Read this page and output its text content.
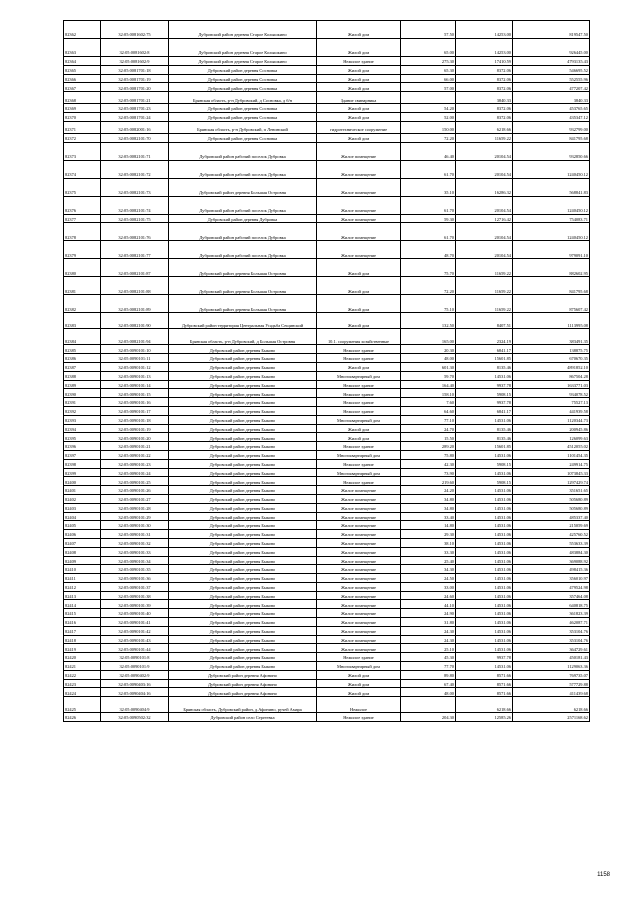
82362	32:05:0081602:75	Дубровский район деревня Старое Колышкино	Жилой дом	57.50	14253.00	819547.50
82363	32:05:0081602:8	Дубровский район деревня Старое Колышкино	Жилой дом	65.00	14253.00	926445.00
82364	32:05:0081602:9	Дубровский район деревня Старое Колышкино	Нежилое здание	275.30	17410.59	4793135.43
82365	32:05:0081701:18	Дубровский район деревня Сосновка	Жилой дом	65.30	8372.06	546695.52
82366	32:05:0081701:19	Дубровский район деревня Сосновка	Жилой дом	66.00	8372.06	552555.96
82367	32:05:0081701:20	Дубровский район деревня Сосновка	Жилой дом	57.00	8372.06	477207.42
82368	32:05:0081701:21	Брянская область, р-н Дубровский, д Сосновка, д б/н	Здание свинарника		3840.33	3840.33
82369	32:05:0081701:23	Дубровский район деревня Сосновка	Жилой дом	54.20	8372.06	453765.65
82370	32:05:0081701:24	Дубровский район деревня Сосновка	Жилой дом	52.00	8372.06	435347.12
82371	32:05:0082001:16	Брянская область, р-н Дубровский, п Ленинский	гидротехническое сооружение	150.00	6218.66	932799.00
82372	32:05:0082101:70	Дубровский район деревня Сосновка	Жилой дом	72.20	11659.22	841795.68
82373	32:05:0082101:71	Дубровский район рабочий поселок Дубровка	Жилое помещение	46.40	20104.54	932850.66
82374	32:05:0082101:72	Дубровский район рабочий поселок Дубровка	Жилое помещение	61.70	20104.54	1240450.12
82375	32:05:0082101:73	Дубровский район деревня Большая Островня	Жилое помещение	35.10	16286.32	568841.83
82376	32:05:0082101:74	Дубровский район рабочий поселок Дубровка	Жилое помещение	61.70	20104.54	1240450.12
82377	32:05:0082101:75	Дубровский район деревня Дубровка	Жилое помещение	59.30	12716.42	754083.71
82378	32:05:0082101:76	Дубровский район рабочий поселок Дубровка	Жилое помещение	61.70	20104.54	1240450.12
82379	32:05:0082101:77	Дубровский район рабочий поселок Дубровка	Жилое помещение	48.70	20104.54	979091.10
82380	32:05:0082101:87	Дубровский район деревня Большая Островня	Жилой дом	75.70	11659.22	882602.95
82381	32:05:0082101:88	Дубровский район деревня Большая Островня	Жилой дом	72.20	11659.22	841795.68
82382	32:05:0082101:89	Дубровский район деревня Большая Островня	Жилой дом	75.10	11659.22	875607.42
82383	32:05:0082101:90	Дубровский район территория Центральная Усадьба Сещинский	Жилой дом	132.50	8407.51	1113995.08
82384	32:05:0082101:94	Брянская область, р-н Дубровский, д Большая Островня	10.1. сооружения хозяйственные	165.00	2324.19	383491.35
82385	32:05:0090101:10	Дубровский район деревня Быково	Нежилое здание	20.30	6841.17	138875.75
82386	32:05:0090101:11	Дубровский район деревня Быково	Нежилое здание	48.00	15601.85	670670.35
82387	32:05:0090101:12	Дубровский район деревня Быково	Жилой дом	601.30	8135.46	4891852.10
82388	32:05:0090101:13	Дубровский район деревня Быково	Многоквартирный дом	59.70	14531.06	867504.28
82389	32:05:0090101:14	Дубровский район деревня Быково	Нежилое здание	164.40	9937.78	1633771.03
82390	32:05:0090101:15	Дубровский район деревня Быково	Нежилое здание	158.10	5908.15	934078.52
82391	32:05:0090101:16	Дубровский район деревня Быково	Нежилое здание	7.60	9937.78	75527.13
82392	32:05:0090101:17	Дубровский район деревня Быково	Нежилое здание	64.60	6841.17	441939.58
82393	32:05:0090101:18	Дубровский район деревня Быково	Многоквартирный дом	77.10	14531.06	1120344.73
82394	32:05:0090101:19	Дубровский район деревня Быково	Жилой дом	24.70	8135.46	200945.86
82395	32:05:0090101:20	Дубровский район деревня Быково	Жилой дом	15.50	8135.46	126099.63
82396	32:05:0090101:21	Дубровский район деревня Быково	Нежилое здание	289.20	15601.85	4512055.02
82397	32:05:0090101:22	Дубровский район деревня Быково	Многоквартирный дом	75.80	14531.06	1101454.35
82398	32:05:0090101:23	Дубровский район деревня Быково	Нежилое здание	42.30	5908.15	249914.75
82399	32:05:0090101:24	Дубровский район деревня Быково	Многоквартирный дом	73.90	14531.06	1073845.33
82400	32:05:0090101:25	Дубровский район деревня Быково	Нежилое здание	219.60	5908.15	1297429.74
82401	32:05:0090101:26	Дубровский район деревня Быково	Жилое помещение	24.20	14531.06	351651.65
82402	32:05:0090101:27	Дубровский район деревня Быково	Жилое помещение	34.80	14531.06	505680.89
82403	32:05:0090101:28	Дубровский район деревня Быково	Жилое помещение	34.80	14531.06	505680.89
82404	32:05:0090101:29	Дубровский район деревня Быково	Жилое помещение	33.40	14531.06	485337.40
82405	32:05:0090101:30	Дубровский район деревня Быково	Жилое помещение	14.80	14531.06	215059.69
82406	32:05:0090101:31	Дубровский район деревня Быково	Жилое помещение	29.30	14531.06	425760.52
82407	32:05:0090101:32	Дубровский район деревня Быково	Жилое помещение	38.10	14531.06	553633.39
82408	32:05:0090101:33	Дубровский район деревня Быково	Жилое помещение	33.30	14531.06	483884.30
82409	32:05:0090101:34	Дубровский район деревня Быково	Жилое помещение	25.40	14531.06	369088.92
82410	32:05:0090101:35	Дубровский район деревня Быково	Жилое помещение	34.30	14531.06	498415.36
82411	32:05:0090101:36	Дубровский район деревня Быково	Жилое помещение	24.50	14531.06	356010.97
82412	32:05:0090101:37	Дубровский район деревня Быково	Жилое помещение	33.00	14531.06	479524.98
82413	32:05:0090101:38	Дубровский район деревня Быково	Жилое помещение	24.60	14531.06	357464.08
82414	32:05:0090101:39	Дубровский район деревня Быково	Жилое помещение	44.10	14531.06	640818.75
82415	32:05:0090101:40	Дубровский район деревня Быково	Жилое помещение	24.90	14531.06	361823.39
82416	32:05:0090101:41	Дубровский район деревня Быково	Жилое помещение	31.80	14531.06	462087.71
82417	32:05:0090101:42	Дубровский район деревня Быково	Жилое помещение	24.30	14531.06	353104.76
82418	32:05:0090101:43	Дубровский район деревня Быково	Жилое помещение	24.30	14531.06	353104.76
82419	32:05:0090101:44	Дубровский район деревня Быково	Жилое помещение	25.10	14531.06	364729.61
82420	32:05:0090101:8	Дубровский район деревня Быково	Нежилое здание	45.30	9937.78	450181.43
82421	32:05:0090101:9	Дубровский район деревня Быково	Многоквартирный дом	77.70	14531.06	1129063.36
82422	32:05:0090402:9	Дубровский район деревня Афонино	Жилой дом	89.80	8571.66	769735.07
82423	32:05:0090403:16	Дубровский район деревня Афонино	Жилой дом	67.40	8571.66	577729.88
82424	32:05:0090404:16	Дубровский район деревня Афонино	Жилой дом	48.00	8571.66	411439.68
82425	32:05:0090404:9	Брянская область, Дубровский район, д.Афонино, ручей Амара	Нежилое		6218.66	6218.66
82426	32:05:0090502:32	Дубровский район село Сергеевка	Нежилое здание	204.30	12585.26	2571168.62
1158
